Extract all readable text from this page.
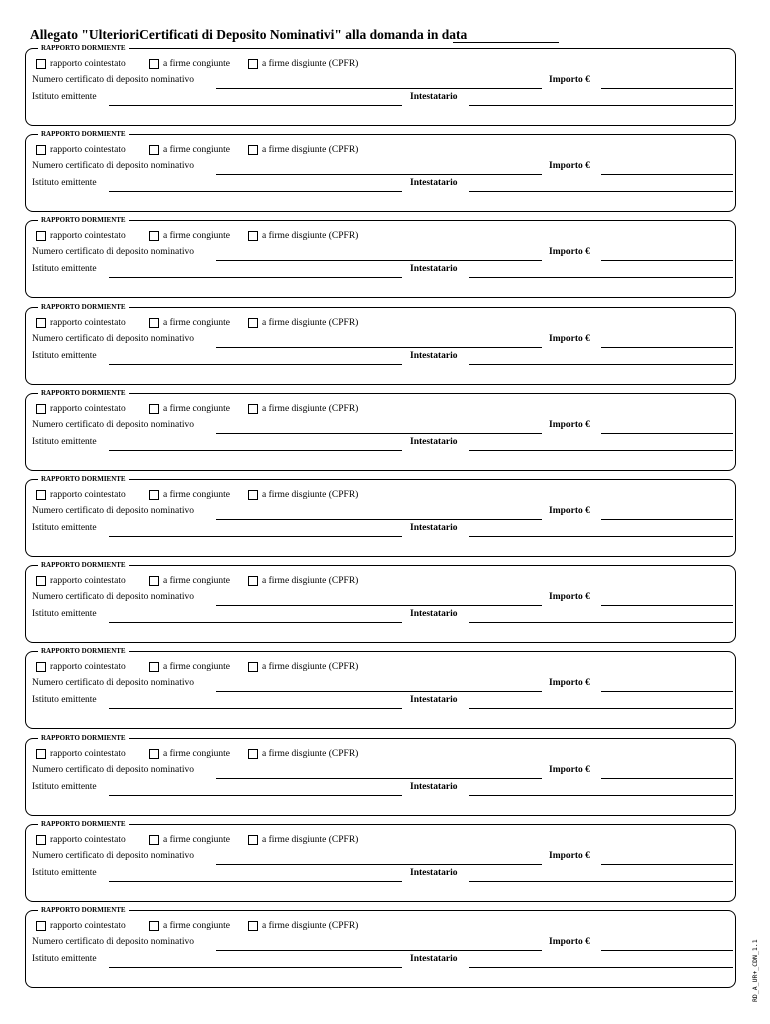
Allegato "UlterioriCertificati di Deposito Nominativi" alla domanda in data
RAPPORTO DORMIENTE
rapporto cointestato	a firme congiunte	a firme disgiunte (CPFR)
Numero certificato di deposito nominativo	Importo €
Istituto emittente	Intestatario
RAPPORTO DORMIENTE
rapporto cointestato	a firme congiunte	a firme disgiunte (CPFR)
Numero certificato di deposito nominativo	Importo €
Istituto emittente	Intestatario
RAPPORTO DORMIENTE
rapporto cointestato	a firme congiunte	a firme disgiunte (CPFR)
Numero certificato di deposito nominativo	Importo €
Istituto emittente	Intestatario
RAPPORTO DORMIENTE
rapporto cointestato	a firme congiunte	a firme disgiunte (CPFR)
Numero certificato di deposito nominativo	Importo €
Istituto emittente	Intestatario
RAPPORTO DORMIENTE
rapporto cointestato	a firme congiunte	a firme disgiunte (CPFR)
Numero certificato di deposito nominativo	Importo €
Istituto emittente	Intestatario
RAPPORTO DORMIENTE
rapporto cointestato	a firme congiunte	a firme disgiunte (CPFR)
Numero certificato di deposito nominativo	Importo €
Istituto emittente	Intestatario
RAPPORTO DORMIENTE
rapporto cointestato	a firme congiunte	a firme disgiunte (CPFR)
Numero certificato di deposito nominativo	Importo €
Istituto emittente	Intestatario
RAPPORTO DORMIENTE
rapporto cointestato	a firme congiunte	a firme disgiunte (CPFR)
Numero certificato di deposito nominativo	Importo €
Istituto emittente	Intestatario
RAPPORTO DORMIENTE
rapporto cointestato	a firme congiunte	a firme disgiunte (CPFR)
Numero certificato di deposito nominativo	Importo €
Istituto emittente	Intestatario
RAPPORTO DORMIENTE
rapporto cointestato	a firme congiunte	a firme disgiunte (CPFR)
Numero certificato di deposito nominativo	Importo €
Istituto emittente	Intestatario
RAPPORTO DORMIENTE
rapporto cointestato	a firme congiunte	a firme disgiunte (CPFR)
Numero certificato di deposito nominativo	Importo €
Istituto emittente	Intestatario	RD_A_UR+_CDN_1.1
